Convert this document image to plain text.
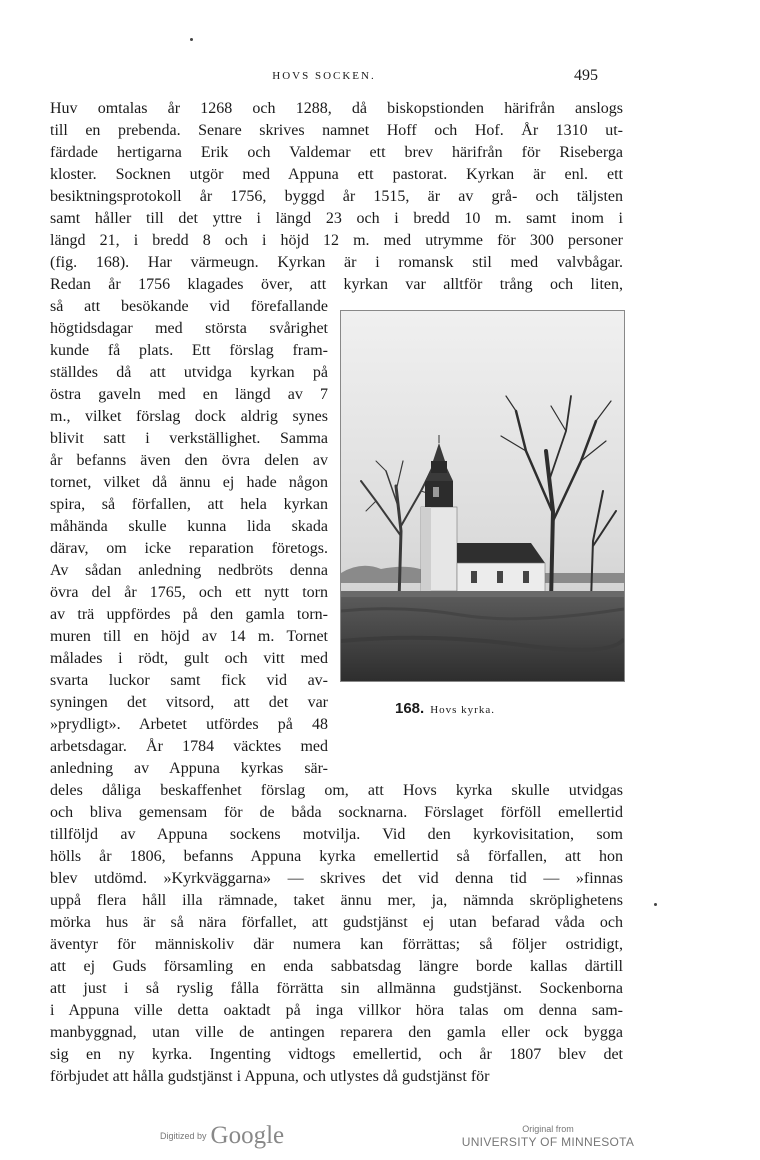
HOVS SOCKEN.	495
Huv omtalas år 1268 och 1288, då biskopstionden härifrån anslogs
till en prebenda. Senare skrives namnet Hoff och Hof. År 1310 ut-
färdade hertigarna Erik och Valdemar ett brev härifrån för Riseberga
kloster. Socknen utgör med Appuna ett pastorat. Kyrkan är enl. ett
besiktningsprotokoll år 1756, byggd år 1515, är av grå- och täljsten
samt håller till det yttre i längd 23 och i bredd 10 m. samt inom i
längd 21, i bredd 8 och i höjd 12 m. med utrymme för 300 personer
(fig. 168). Har värmeugn. Kyrkan är i romansk stil med valvbågar.
Redan år 1756 klagades över, att kyrkan var alltför trång och liten,
så att besökande vid förefallande
högtidsdagar med största svårighet
kunde få plats. Ett förslag fram-
ställdes då att utvidga kyrkan på
östra gaveln med en längd av 7
m., vilket förslag dock aldrig synes
blivit satt i verkställighet. Samma
år befanns även den övra delen av
tornet, vilket då ännu ej hade någon
spira, så förfallen, att hela kyrkan
måhända skulle kunna lida skada
därav, om icke reparation företogs.
Av sådan anledning nedbröts denna
övra del år 1765, och ett nytt torn
av trä uppfördes på den gamla torn-
muren till en höjd av 14 m. Tornet
målades i rödt, gult och vitt med
svarta luckor samt fick vid av-
syningen det vitsord, att det var
»prydligt». Arbetet utfördes på 48
arbetsdagar. År 1784 väcktes med
anledning av Appuna kyrkas sär-
deles dåliga beskaffenhet förslag om, att Hovs kyrka skulle utvidgas
och bliva gemensam för de båda socknarna. Förslaget förföll emellertid
tillföljd av Appuna sockens motvilja. Vid den kyrkovisitation, som
hölls år 1806, befanns Appuna kyrka emellertid så förfallen, att hon
blev utdömd. »Kyrkväggarna» — skrives det vid denna tid — »finnas
uppå flera håll illa rämnade, taket ännu mer, ja, nämnda skröplighetens
mörka hus är så nära förfallet, att gudstjänst ej utan befarad våda och
äventyr för människoliv där numera kan förrättas; så följer ostridigt,
att ej Guds församling en enda sabbatsdag längre borde kallas därtill
att just i så ryslig fålla förrätta sin allmänna gudstjänst. Sockenborna
i Appuna ville detta oaktadt på inga villkor höra talas om denna sam-
manbyggnad, utan ville de antingen reparera den gamla eller ock bygga
sig en ny kyrka. Ingenting vidtogs emellertid, och år 1807 blev det
förbjudet att hålla gudstjänst i Appuna, och utlystes då gudstjänst för
168. Hovs kyrka.
Digitized by Google	Original from
UNIVERSITY OF MINNESOTA
